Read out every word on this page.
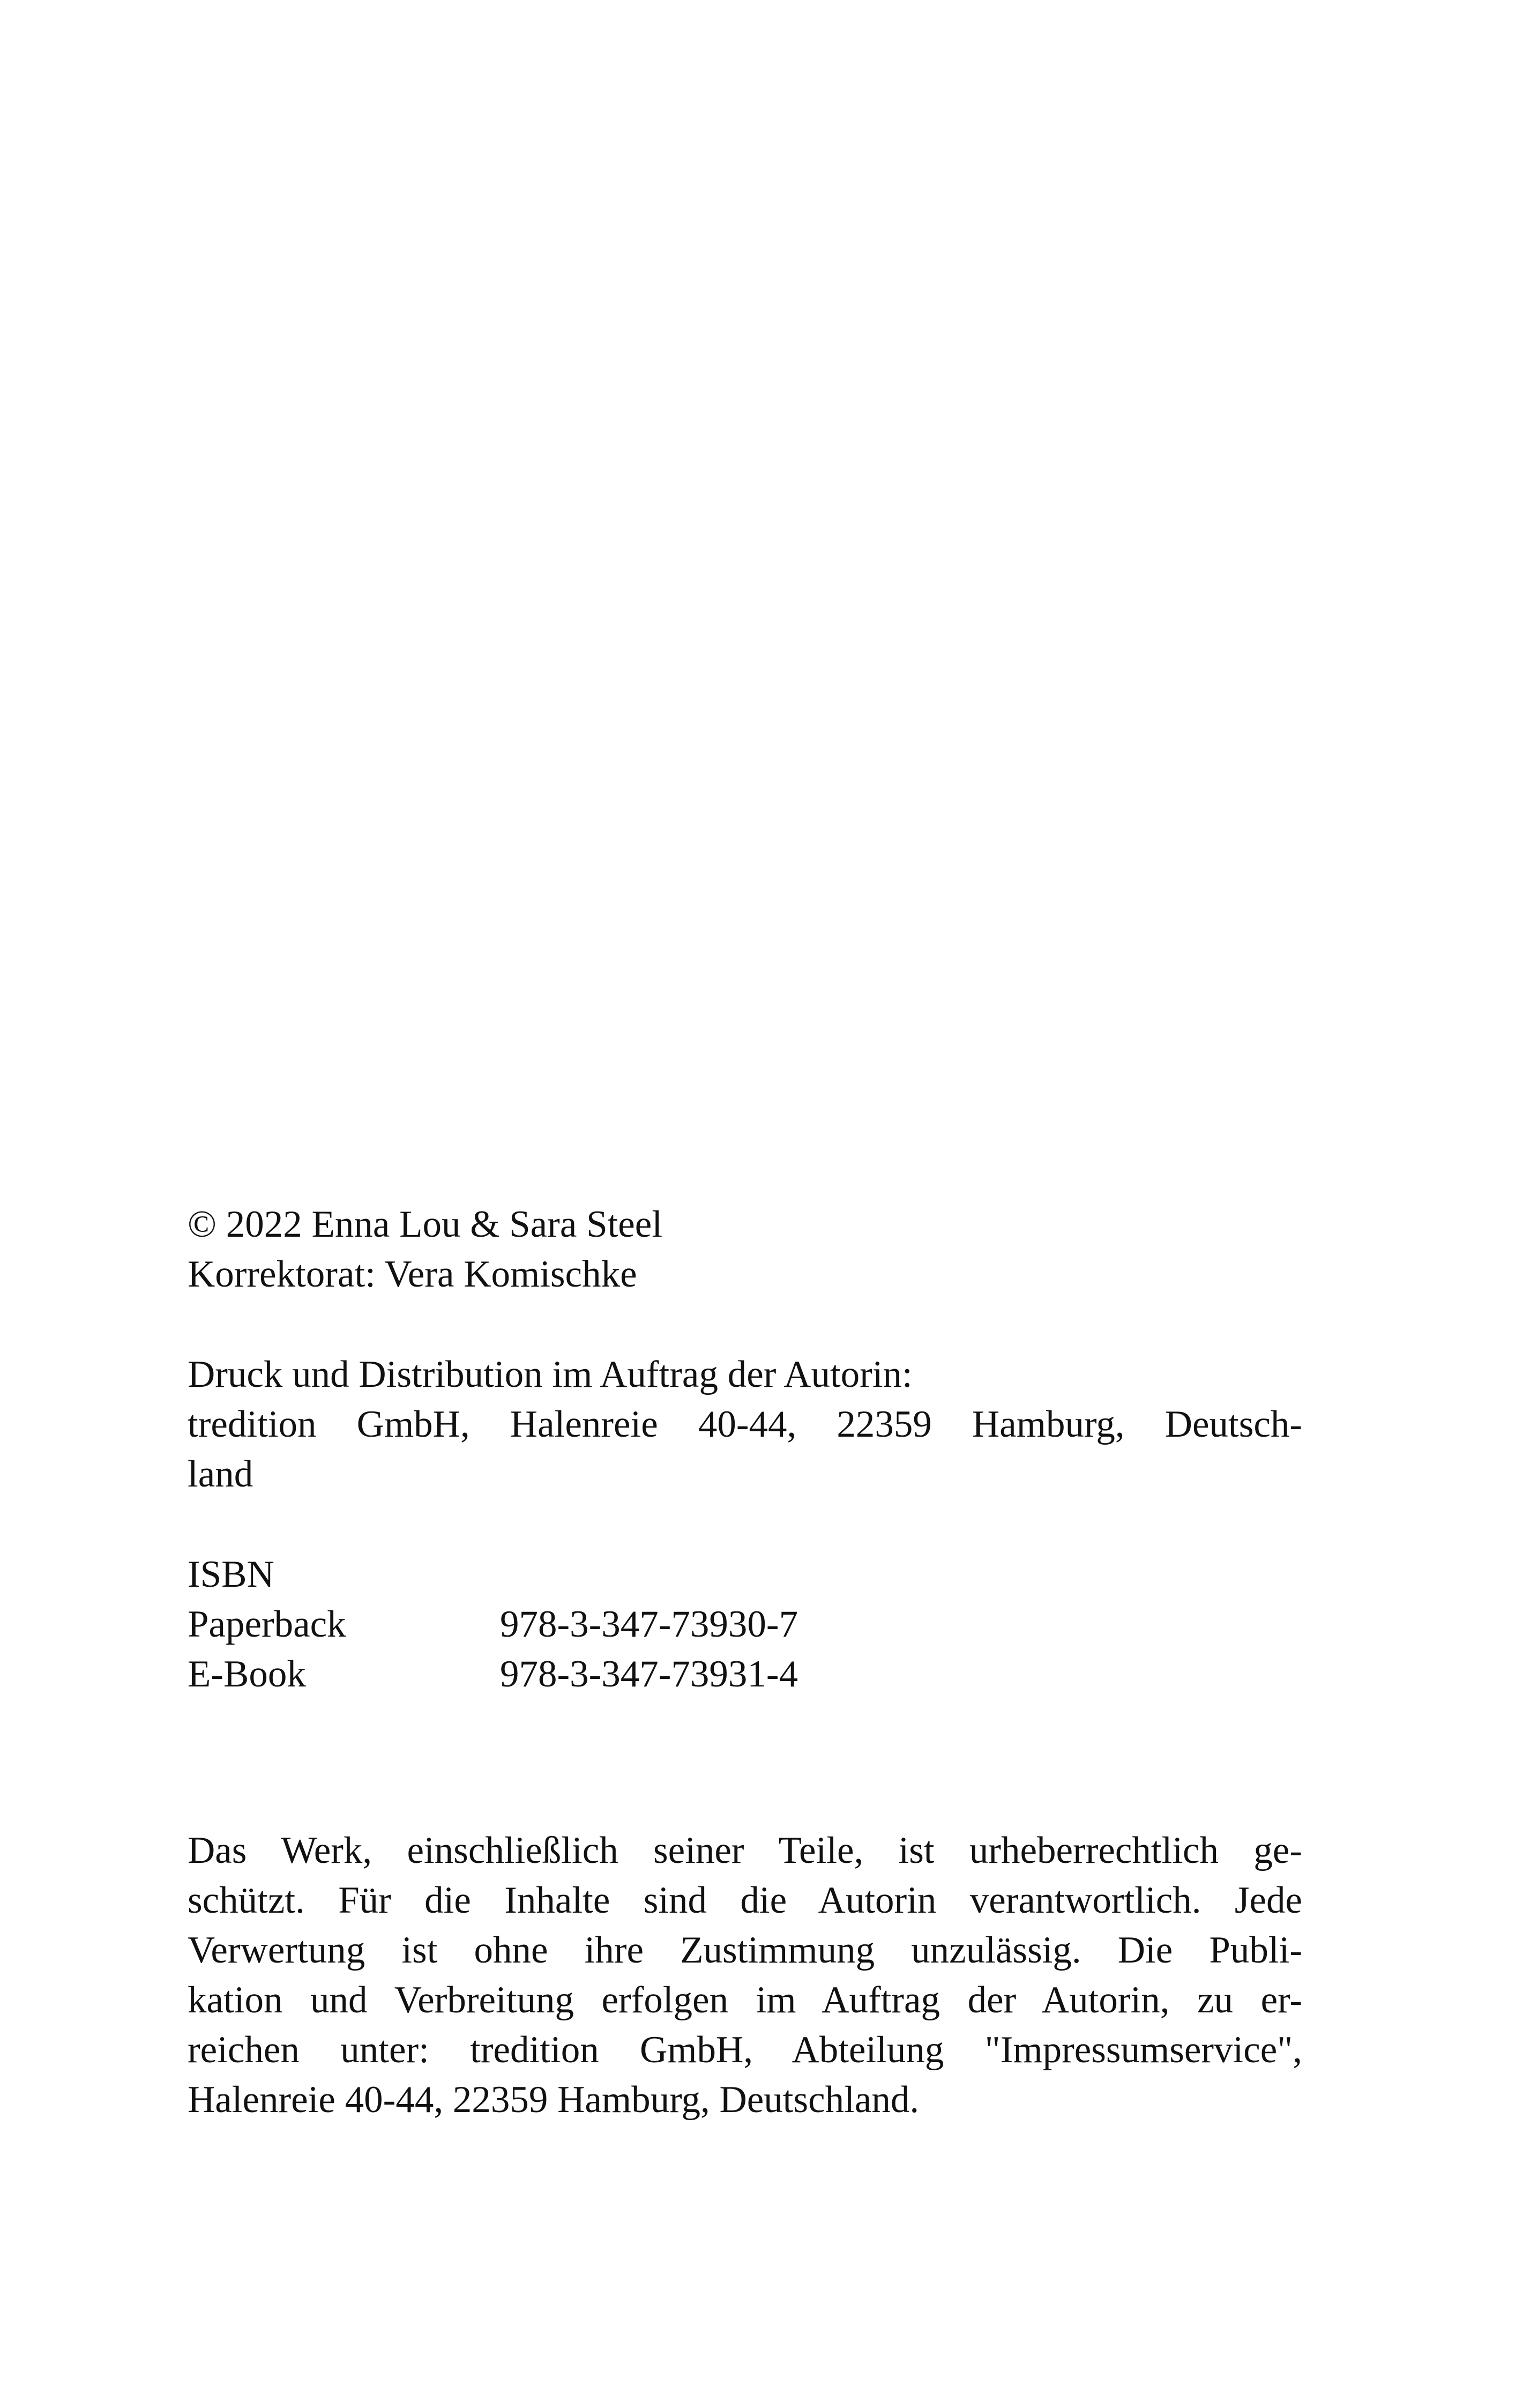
© 2022 Enna Lou & Sara Steel
Korrektorat: Vera Komischke
Druck und Distribution im Auftrag der Autorin:
tredition GmbH, Halenreie 40-44, 22359 Hamburg, Deutsch-
land
ISBN
Paperback	978-3-347-73930-7
E-Book	978-3-347-73931-4
Das Werk, einschließlich seiner Teile, ist urheberrechtlich ge-
schützt. Für die Inhalte sind die Autorin verantwortlich. Jede
Verwertung ist ohne ihre Zustimmung unzulässig. Die Publi-
kation und Verbreitung erfolgen im Auftrag der Autorin, zu er-
reichen unter: tredition GmbH, Abteilung "Impressumservice",
Halenreie 40-44, 22359 Hamburg, Deutschland.
